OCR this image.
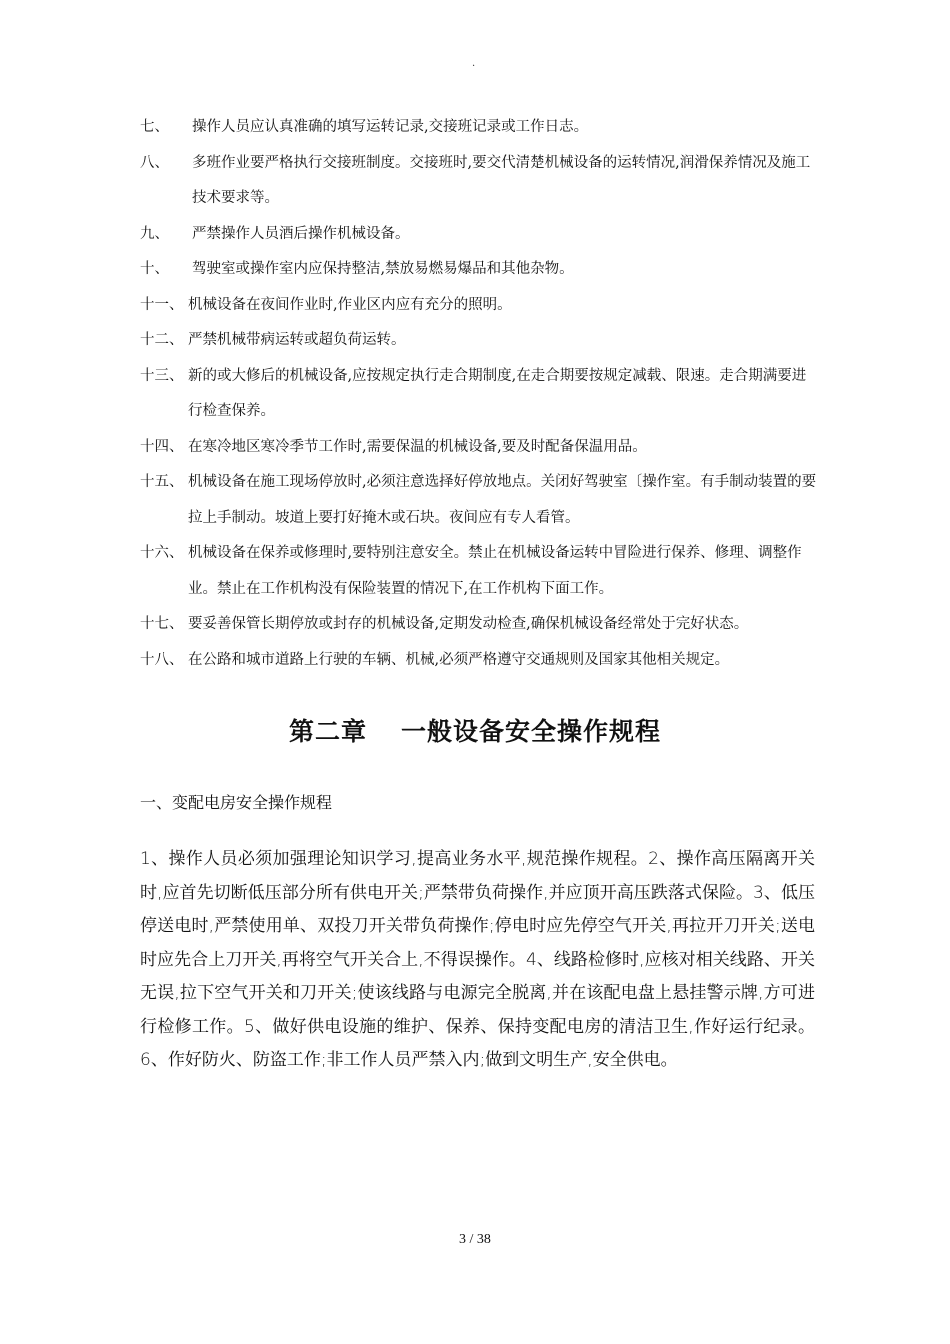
.
七、	操作人员应认真准确的填写运转记录,交接班记录或工作日志。
八、	多班作业要严格执行交接班制度。交接班时,要交代清楚机械设备的运转情况,润滑保养情况及施工技术要求等。
九、	严禁操作人员酒后操作机械设备。
十、	驾驶室或操作室内应保持整洁,禁放易燃易爆品和其他杂物。
十一、 机械设备在夜间作业时,作业区内应有充分的照明。
十二、 严禁机械带病运转或超负荷运转。
十三、 新的或大修后的机械设备,应按规定执行走合期制度,在走合期要按规定减载、限速。走合期满要进行检查保养。
十四、 在寒冷地区寒冷季节工作时,需要保温的机械设备,要及时配备保温用品。
十五、 机械设备在施工现场停放时,必须注意选择好停放地点。关闭好驾驶室〔操作室。有手制动装置的要拉上手制动。坡道上要打好掩木或石块。夜间应有专人看管。
十六、 机械设备在保养或修理时,要特别注意安全。禁止在机械设备运转中冒险进行保养、修理、调整作业。禁止在工作机构没有保险装置的情况下,在工作机构下面工作。
十七、 要妥善保管长期停放或封存的机械设备,定期发动检查,确保机械设备经常处于完好状态。
十八、 在公路和城市道路上行驶的车辆、机械,必须严格遵守交通规则及国家其他相关规定。
第二章 一般设备安全操作规程
一、变配电房安全操作规程
1、操作人员必须加强理论知识学习,提高业务水平,规范操作规程。2、操作高压隔离开关时,应首先切断低压部分所有供电开关;严禁带负荷操作,并应顶开高压跌落式保险。3、低压停送电时,严禁使用单、双投刀开关带负荷操作;停电时应先停空气开关,再拉开刀开关;送电时应先合上刀开关,再将空气开关合上,不得误操作。4、线路检修时,应核对相关线路、开关无误,拉下空气开关和刀开关;使该线路与电源完全脱离,并在该配电盘上悬挂警示牌,方可进行检修工作。5、做好供电设施的维护、保养、保持变配电房的清洁卫生,作好运行纪录。6、作好防火、防盗工作;非工作人员严禁入内;做到文明生产,安全供电。
3 / 38
